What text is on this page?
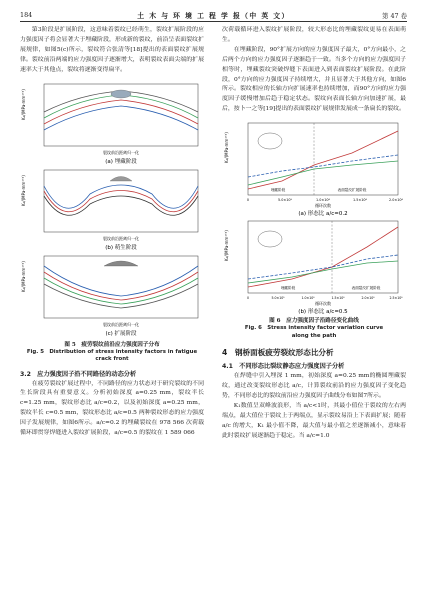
184	土 木 与 环 境 工 程 学 报（中 英 文）	第 47 卷

第3阶段是扩展阶段，这意味着裂纹已经萌生，裂纹扩展阶段的应力强度因子将会显著大于埋藏阶段，形成新的裂纹，前沿呈表面裂纹扩展规律，如图5(c)所示，裂纹符合张清等[18]提出的表面裂纹扩展规律。裂纹前沿两端的应力强度因子逐渐增大，表明裂纹表面尖端的扩展速率大于其他点，裂纹将逐渐变得扁平。

K₁/(MPa·mm¹ᐟ²)
裂纹前沿距离归一化
(a) 埋藏阶段
K₁/(MPa·mm¹ᐟ²)
裂纹前沿距离归一化
(b) 萌生阶段
K₁/(MPa·mm¹ᐟ²)
裂纹前沿距离归一化
(c) 扩展阶段

图 5　疲劳裂纹前沿应力强度因子分布

Fig. 5　Distribution of stress intensity factors in fatigue

crack front

3.2　应力强度因子沿不同路径的动态分析

在疲劳裂纹扩展过程中，不同路径的应力状态对于研究裂纹的不同生长阶段具有重要意义。分析初始深度 a=0.25 mm，裂纹半长 c=1.25 mm，裂纹形态比 a/c=0.2，以及初始深度 a=0.25 mm，裂纹半长 c=0.5 mm，裂纹形态比 a/c=0.5 两种裂纹形态的应力强度因子发展规律，如图6所示。a/c=0.2 的埋藏裂纹在 978 566 次荷载循环即贯穿焊缝进入裂纹扩展阶段，a/c=0.5 的裂纹在 1 589 066

次荷载循环进入裂纹扩展阶段，较大形态比的埋藏裂纹更易在表面萌生。

在埋藏阶段，90°扩展方向的应力强度因子最大，0°方向最小，之后两个方向的应力强度因子逐渐趋于一致。当多个方向的应力强度因子相等时，埋藏裂纹突破焊缝下表面进入到表面裂纹扩展阶段。在此阶段，0°方向的应力强度因子持续增大，并且显著大于其他方向，如图6所示。裂纹相应的长轴方向扩展速率也持续增加，而90°方向的应力强度因子缓慢增加后趋于稳定状态。裂纹向表面长轴方向加速扩展，最后，按卜一之等[19]提出的表面裂纹扩展规律发展成一条扁长的裂纹。

K₁/(MPa·mm¹ᐟ²)
埋藏阶段	表面裂纹扩展阶段
0	5.0×10⁵	1.0×10⁶	1.5×10⁶	2.0×10⁶
循环次数
(a) 形态比 a/c=0.2
K₁/(MPa·mm¹ᐟ²)
埋藏阶段	表面裂纹扩展阶段
0	5.0×10⁵	1.0×10⁶	1.5×10⁶	2.0×10⁶	2.5×10⁶
循环次数
(b) 形态比 a/c=0.5

图 6　应力强度因子沿路径变化曲线

Fig. 6　Stress intensity factor variation curve

along the path

4　钢桥面板疲劳裂纹形态比分析
4.1　不同形态比裂纹静态应力强度因子分析

在焊缝中引入埋深 1 mm，初始深度 a=0.25 mm的椭圆埋藏裂纹，通过改变裂纹形态比 a/c，计算裂纹前沿的应力强度因子变化趋势，不同形态比的裂纹前沿应力强度因子曲线分布如图7所示。

K₁数值呈双峰波浪形，当 a/c<1时，其最小值位于裂纹的左右两端点，最大值位于裂纹上于两端点，显示裂纹易沿上下表面扩展；随着 a/c 的增大，K₁ 最小值不降，最大值与最小值之差逐渐减小，意味着此时裂纹扩展逐渐趋于稳定。当 a/c=1.0
